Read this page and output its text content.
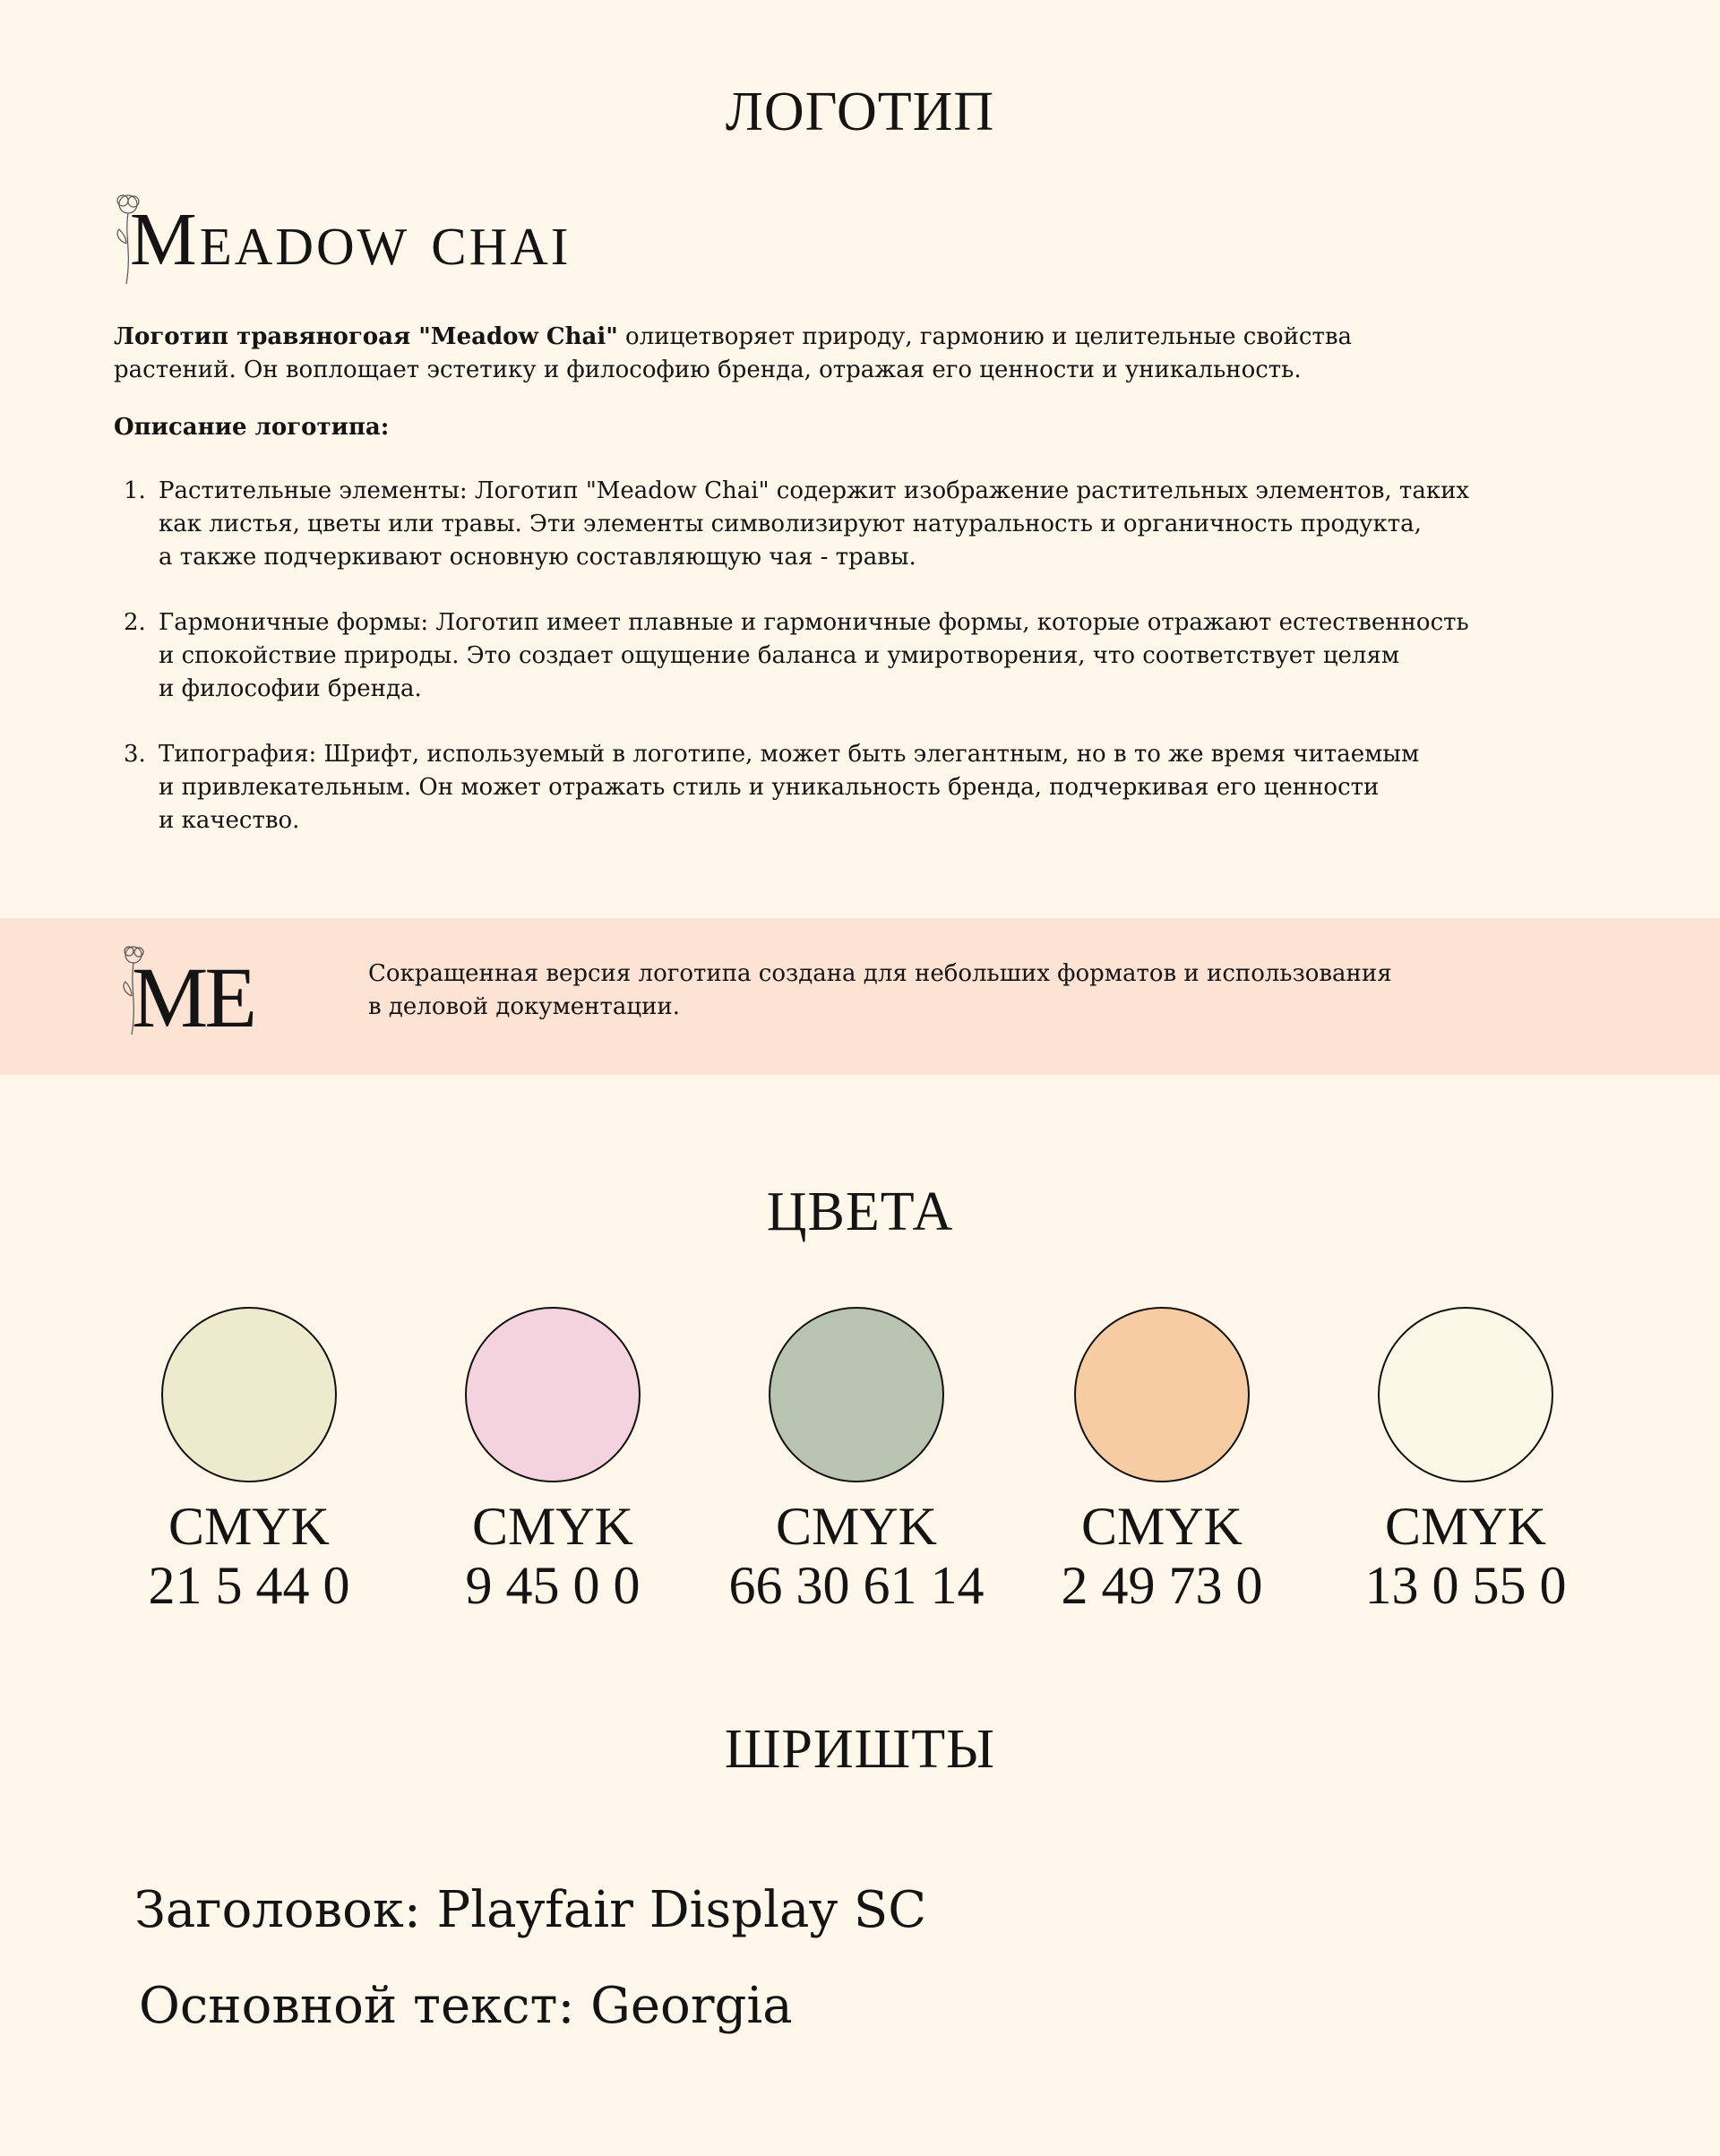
ЛОГОТИП
Meadow chai
Логотип травяногоая "Meadow Chai" олицетворяет природу, гармонию и целительные свойства
растений. Он воплощает эстетику и философию бренда, отражая его ценности и уникальность.
Описание логотипа:
1. Растительные элементы: Логотип "Meadow Chai" содержит изображение растительных элементов, таких
как листья, цветы или травы. Эти элементы символизируют натуральность и органичность продукта,
а также подчеркивают основную составляющую чая - травы.
2. Гармоничные формы: Логотип имеет плавные и гармоничные формы, которые отражают естественность
и спокойствие природы. Это создает ощущение баланса и умиротворения, что соответствует целям
и философии бренда.
3. Типография: Шрифт, используемый в логотипе, может быть элегантным, но в то же время читаемым
и привлекательным. Он может отражать стиль и уникальность бренда, подчеркивая его ценности
и качество.
ME	Сокращенная версия логотипа создана для небольших форматов и использования
в деловой документации.
ЦВЕТА
CMYK
21 5 44 0
CMYK
9 45 0 0
CMYK
66 30 61 14
CMYK
2 49 73 0
CMYK
13 0 55 0
ШРИШТЫ
Заголовок: Playfair Display SC
Основной текст: Georgia
